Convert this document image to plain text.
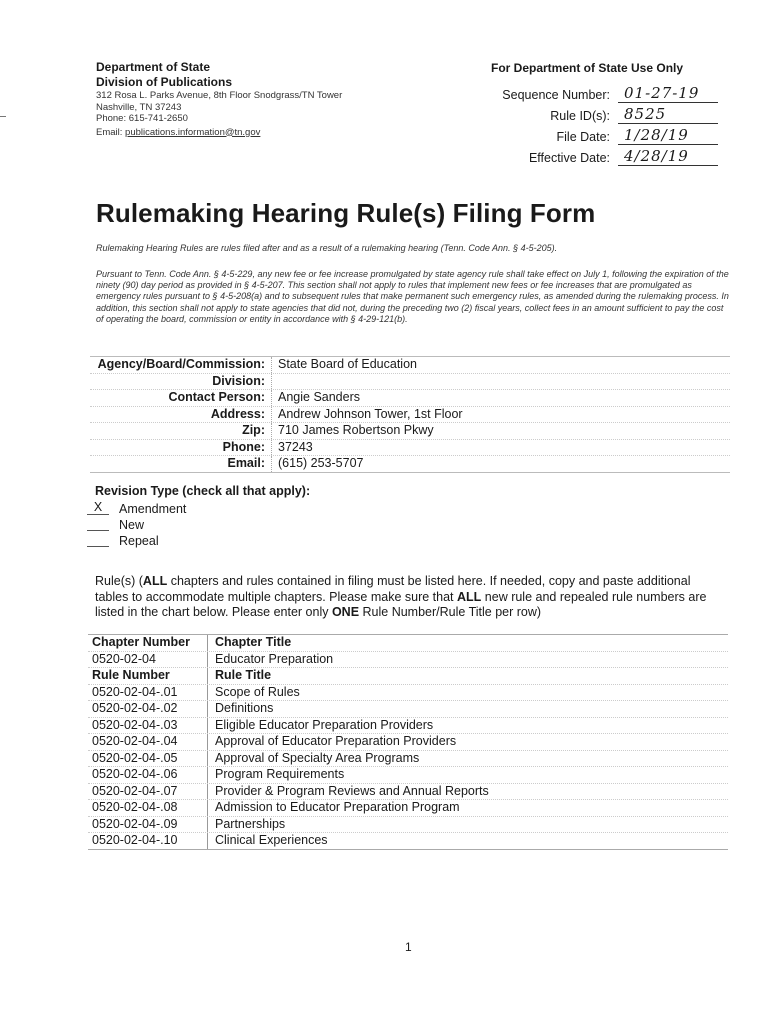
Department of State
Division of Publications
312 Rosa L. Parks Avenue, 8th Floor Snodgrass/TN Tower
Nashville, TN 37243
Phone: 615-741-2650
Email: publications.information@tn.gov
For Department of State Use Only
Sequence Number: 01-27-19
Rule ID(s): 8525
File Date: 1/28/19
Effective Date: 4/28/19
Rulemaking Hearing Rule(s) Filing Form
Rulemaking Hearing Rules are rules filed after and as a result of a rulemaking hearing (Tenn. Code Ann. § 4-5-205).
Pursuant to Tenn. Code Ann. § 4-5-229, any new fee or fee increase promulgated by state agency rule shall take effect on July 1, following the expiration of the ninety (90) day period as provided in § 4-5-207. This section shall not apply to rules that implement new fees or fee increases that are promulgated as emergency rules pursuant to § 4-5-208(a) and to subsequent rules that make permanent such emergency rules, as amended during the rulemaking process. In addition, this section shall not apply to state agencies that did not, during the preceding two (2) fiscal years, collect fees in an amount sufficient to pay the cost of operating the board, commission or entity in accordance with § 4-29-121(b).
Agency/Board/Commission:	State Board of Education
Division:
Contact Person:	Angie Sanders
Address:	Andrew Johnson Tower, 1st Floor
Zip:	710 James Robertson Pkwy
Phone:	37243
Email:	(615) 253-5707
Revision Type (check all that apply):
X	Amendment
New
Repeal
Rule(s) (ALL chapters and rules contained in filing must be listed here. If needed, copy and paste additional tables to accommodate multiple chapters. Please make sure that ALL new rule and repealed rule numbers are listed in the chart below. Please enter only ONE Rule Number/Rule Title per row)
Chapter Number	Chapter Title
0520-02-04	Educator Preparation
Rule Number	Rule Title
0520-02-04-.01	Scope of Rules
0520-02-04-.02	Definitions
0520-02-04-.03	Eligible Educator Preparation Providers
0520-02-04-.04	Approval of Educator Preparation Providers
0520-02-04-.05	Approval of Specialty Area Programs
0520-02-04-.06	Program Requirements
0520-02-04-.07	Provider & Program Reviews and Annual Reports
0520-02-04-.08	Admission to Educator Preparation Program
0520-02-04-.09	Partnerships
0520-02-04-.10	Clinical Experiences
1
